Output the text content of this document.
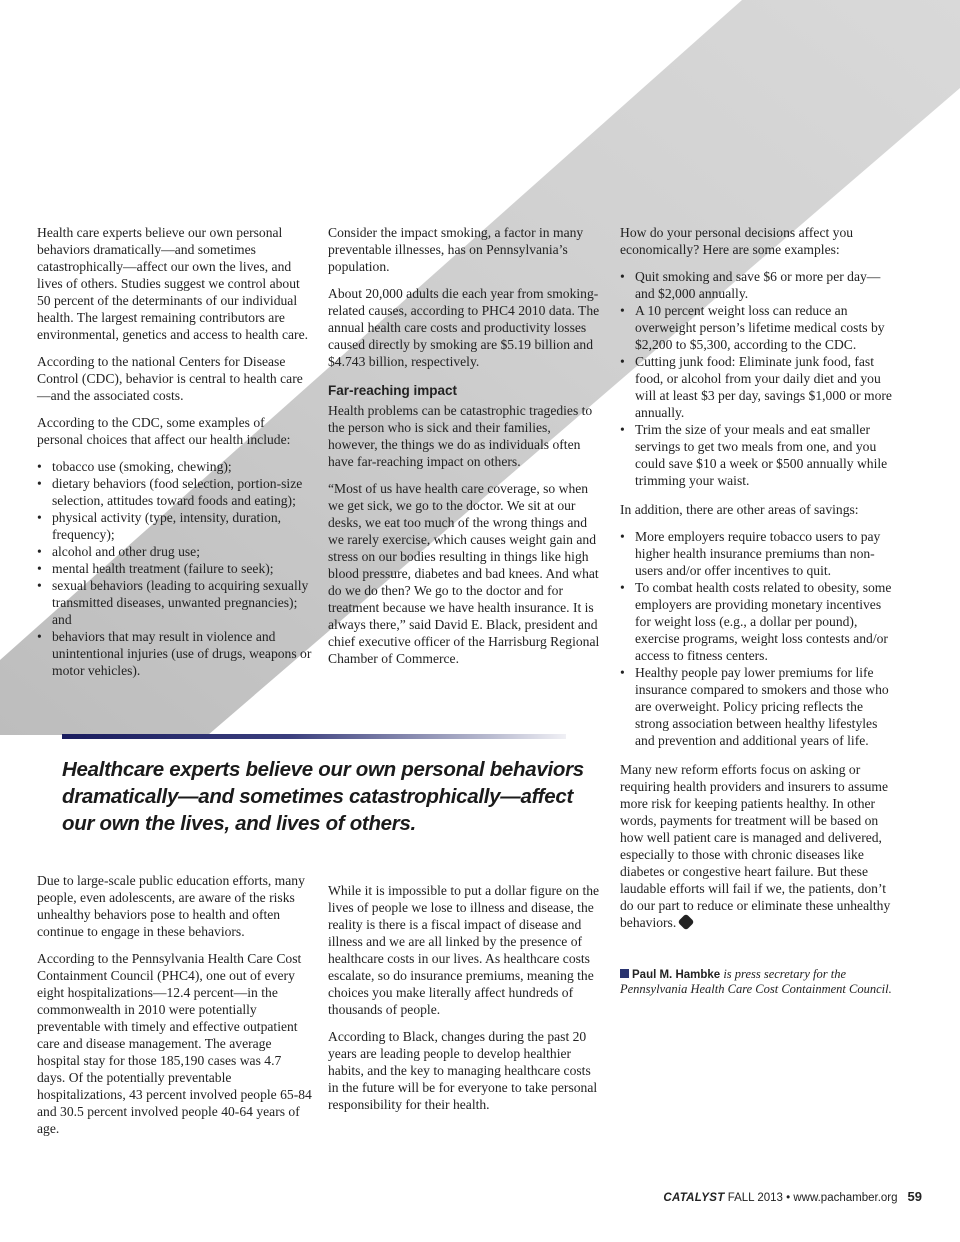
Health care experts believe our own personal behaviors dramatically—and sometimes catastrophically—affect our own the lives, and lives of others. Studies suggest we control about 50 percent of the determinants of our individual health. The largest remaining contributors are environmental, genetics and access to health care.

According to the national Centers for Disease Control (CDC), behavior is central to health care—and the associated costs.

According to the CDC, some examples of personal choices that affect our health include:

• tobacco use (smoking, chewing);
• dietary behaviors (food selection, portion-size selection, attitudes toward foods and eating);
• physical activity (type, intensity, duration, frequency);
• alcohol and other drug use;
• mental health treatment (failure to seek);
• sexual behaviors (leading to acquiring sexually transmitted diseases, unwanted pregnancies); and
• behaviors that may result in violence and unintentional injuries (use of drugs, weapons or motor vehicles).

Consider the impact smoking, a factor in many preventable illnesses, has on Pennsylvania’s population.

About 20,000 adults die each year from smoking-related causes, according to PHC4 2010 data. The annual health care costs and productivity losses caused directly by smoking are $5.19 billion and $4.743 billion, respectively.

Far-reaching impact

Health problems can be catastrophic tragedies to the person who is sick and their families, however, the things we do as individuals often have far-reaching impact on others.

“Most of us have health care coverage, so when we get sick, we go to the doctor. We sit at our desks, we eat too much of the wrong things and we rarely exercise, which causes weight gain and stress on our bodies resulting in things like high blood pressure, diabetes and bad knees. And what do we do then? We go to the doctor and for treatment because we have health insurance. It is always there,” said David E. Black, president and chief executive officer of the Harrisburg Regional Chamber of Commerce.

How do your personal decisions affect you economically? Here are some examples:

• Quit smoking and save $6 or more per day—and $2,000 annually.
• A 10 percent weight loss can reduce an overweight person’s lifetime medical costs by $2,200 to $5,300, according to the CDC.
• Cutting junk food: Eliminate junk food, fast food, or alcohol from your daily diet and you will at least $3 per day, savings $1,000 or more annually.
• Trim the size of your meals and eat smaller servings to get two meals from one, and you could save $10 a week or $500 annually while trimming your waist.

In addition, there are other areas of savings:

• More employers require tobacco users to pay higher health insurance premiums than non-users and/or offer incentives to quit.
• To combat health costs related to obesity, some employers are providing monetary incentives for weight loss (e.g., a dollar per pound), exercise programs, weight loss contests and/or access to fitness centers.
• Healthy people pay lower premiums for life insurance compared to smokers and those who are overweight. Policy pricing reflects the strong association between healthy lifestyles and prevention and additional years of life.

Many new reform efforts focus on asking or requiring health providers and insurers to assume more risk for keeping patients healthy. In other words, payments for treatment will be based on how well patient care is managed and delivered, especially to those with chronic diseases like diabetes or congestive heart failure. But these laudable efforts will fail if we, the patients, don’t do our part to reduce or eliminate these unhealthy behaviors.

Paul M. Hambke is press secretary for the Pennsylvania Health Care Cost Containment Council.
Healthcare experts believe our own personal behaviors dramatically—and sometimes catastrophically—affect our own the lives, and lives of others.

Due to large-scale public education efforts, many people, even adolescents, are aware of the risks unhealthy behaviors pose to health and often continue to engage in these behaviors.

According to the Pennsylvania Health Care Cost Containment Council (PHC4), one out of every eight hospitalizations—12.4 percent—in the commonwealth in 2010 were potentially preventable with timely and effective outpatient care and disease management. The average hospital stay for those 185,190 cases was 4.7 days. Of the potentially preventable hospitalizations, 43 percent involved people 65-84 and 30.5 percent involved people 40-64 years of age.

While it is impossible to put a dollar figure on the lives of people we lose to illness and disease, the reality is there is a fiscal impact of disease and illness and we are all linked by the presence of healthcare costs in our lives. As healthcare costs escalate, so do insurance premiums, meaning the choices you make literally affect hundreds of thousands of people.

According to Black, changes during the past 20 years are leading people to develop healthier habits, and the key to managing healthcare costs in the future will be for everyone to take personal responsibility for their health.

CATALYST FALL 2013 • www.pachamber.org 59
